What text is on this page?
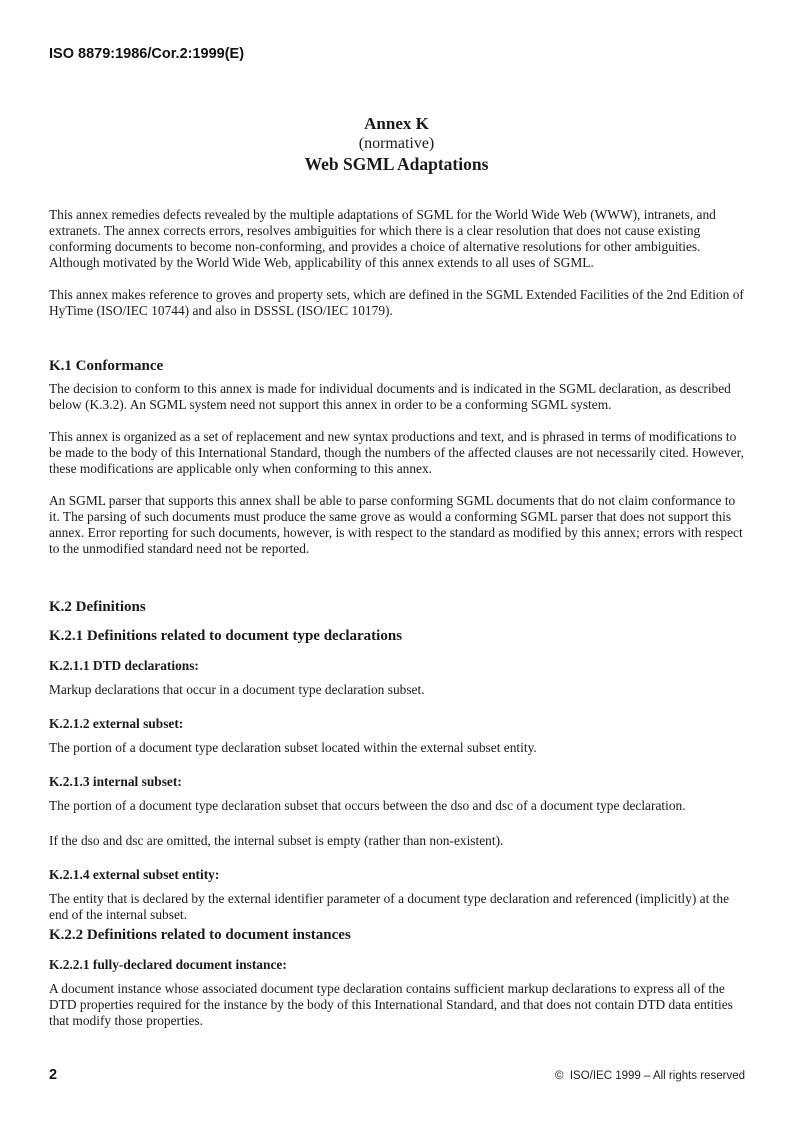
ISO 8879:1986/Cor.2:1999(E)
Annex K
(normative)
Web SGML Adaptations

This annex remedies defects revealed by the multiple adaptations of SGML for the World Wide Web (WWW), intranets, and extranets. The annex corrects errors, resolves ambiguities for which there is a clear resolution that does not cause existing conforming documents to become non-conforming, and provides a choice of alternative resolutions for other ambiguities. Although motivated by the World Wide Web, applicability of this annex extends to all uses of SGML.

This annex makes reference to groves and property sets, which are defined in the SGML Extended Facilities of the 2nd Edition of HyTime (ISO/IEC 10744) and also in DSSSL (ISO/IEC 10179).

K.1 Conformance

The decision to conform to this annex is made for individual documents and is indicated in the SGML declaration, as described below (K.3.2). An SGML system need not support this annex in order to be a conforming SGML system.

This annex is organized as a set of replacement and new syntax productions and text, and is phrased in terms of modifications to be made to the body of this International Standard, though the numbers of the affected clauses are not necessarily cited. However, these modifications are applicable only when conforming to this annex.

An SGML parser that supports this annex shall be able to parse conforming SGML documents that do not claim conformance to it. The parsing of such documents must produce the same grove as would a conforming SGML parser that does not support this annex. Error reporting for such documents, however, is with respect to the standard as modified by this annex; errors with respect to the unmodified standard need not be reported.

K.2 Definitions
K.2.1 Definitions related to document type declarations
K.2.1.1 DTD declarations:

Markup declarations that occur in a document type declaration subset.

K.2.1.2 external subset:

The portion of a document type declaration subset located within the external subset entity.

K.2.1.3 internal subset:

The portion of a document type declaration subset that occurs between the dso and dsc of a document type declaration.

If the dso and dsc are omitted, the internal subset is empty (rather than non-existent).

K.2.1.4 external subset entity:

The entity that is declared by the external identifier parameter of a document type declaration and referenced (implicitly) at the end of the internal subset.

K.2.2 Definitions related to document instances
K.2.2.1 fully-declared document instance:

A document instance whose associated document type declaration contains sufficient markup declarations to express all of the DTD properties required for the instance by the body of this International Standard, and that does not contain DTD data entities that modify those properties.

2	©  ISO/IEC 1999 – All rights reserved
